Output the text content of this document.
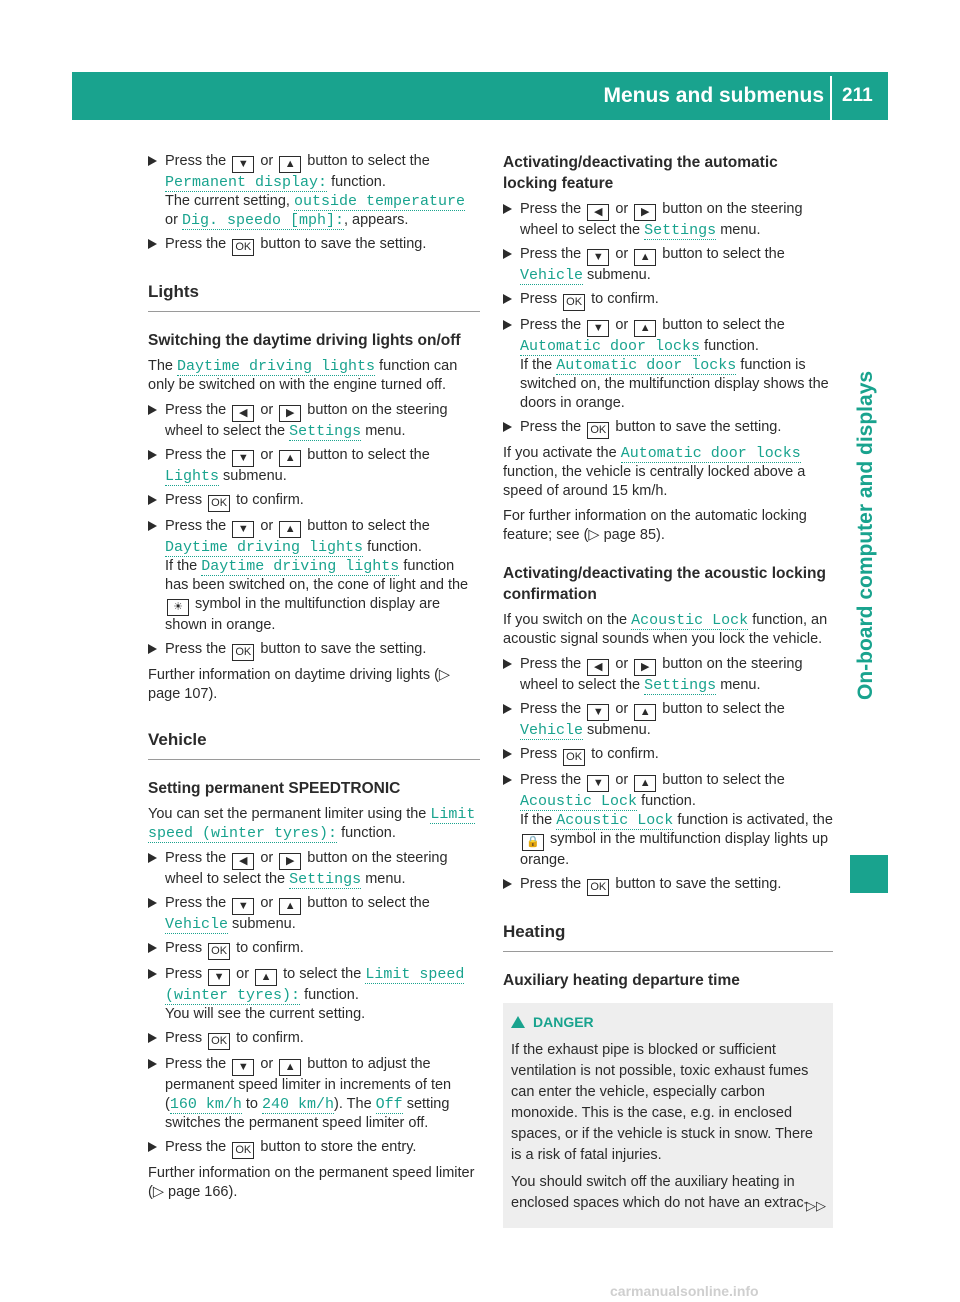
Menus and submenus 211
On-board computer and displays
Press the ▼ or ▲ button to select the Permanent display: function.
The current setting, outside temperature or Dig. speedo [mph]:, appears.
Press the OK button to save the setting.
Lights
Switching the daytime driving lights on/off

The Daytime driving lights function can only be switched on with the engine turned off.

Press the ◀ or ▶ button on the steering wheel to select the Settings menu.
Press the ▼ or ▲ button to select the Lights submenu.
Press OK to confirm.
Press the ▼ or ▲ button to select the Daytime driving lights function.
If the Daytime driving lights function has been switched on, the cone of light and the ☀ symbol in the multifunction display are shown in orange.
Press the OK button to save the setting.

Further information on daytime driving lights (▷ page 107).

Vehicle
Setting permanent SPEEDTRONIC

You can set the permanent limiter using the Limit speed (winter tyres): function.

Press the ◀ or ▶ button on the steering wheel to select the Settings menu.
Press the ▼ or ▲ button to select the Vehicle submenu.
Press OK to confirm.
Press ▼ or ▲ to select the Limit speed (winter tyres): function.
You will see the current setting.
Press OK to confirm.
Press the ▼ or ▲ button to adjust the permanent speed limiter in increments of ten (160 km/h to 240 km/h). The Off setting switches the permanent speed limiter off.
Press the OK button to store the entry.

Further information on the permanent speed limiter (▷ page 166).

Activating/deactivating the automatic locking feature
Press the ◀ or ▶ button on the steering wheel to select the Settings menu.
Press the ▼ or ▲ button to select the Vehicle submenu.
Press OK to confirm.
Press the ▼ or ▲ button to select the Automatic door locks function.
If the Automatic door locks function is switched on, the multifunction display shows the doors in orange.
Press the OK button to save the setting.

If you activate the Automatic door locks function, the vehicle is centrally locked above a speed of around 15 km/h.

For further information on the automatic locking feature; see (▷ page 85).

Activating/deactivating the acoustic locking confirmation

If you switch on the Acoustic Lock function, an acoustic signal sounds when you lock the vehicle.

Press the ◀ or ▶ button on the steering wheel to select the Settings menu.
Press the ▼ or ▲ button to select the Vehicle submenu.
Press OK to confirm.
Press the ▼ or ▲ button to select the Acoustic Lock function.
If the Acoustic Lock function is activated, the 🔒 symbol in the multifunction display lights up orange.
Press the OK button to save the setting.
Heating
Auxiliary heating departure time
DANGER

If the exhaust pipe is blocked or sufficient ventilation is not possible, toxic exhaust fumes can enter the vehicle, especially carbon monoxide. This is the case, e.g. in enclosed spaces, or if the vehicle is stuck in snow. There is a risk of fatal injuries.

You should switch off the auxiliary heating in enclosed spaces which do not have an extrac-

▷▷
carmanualsonline.info
